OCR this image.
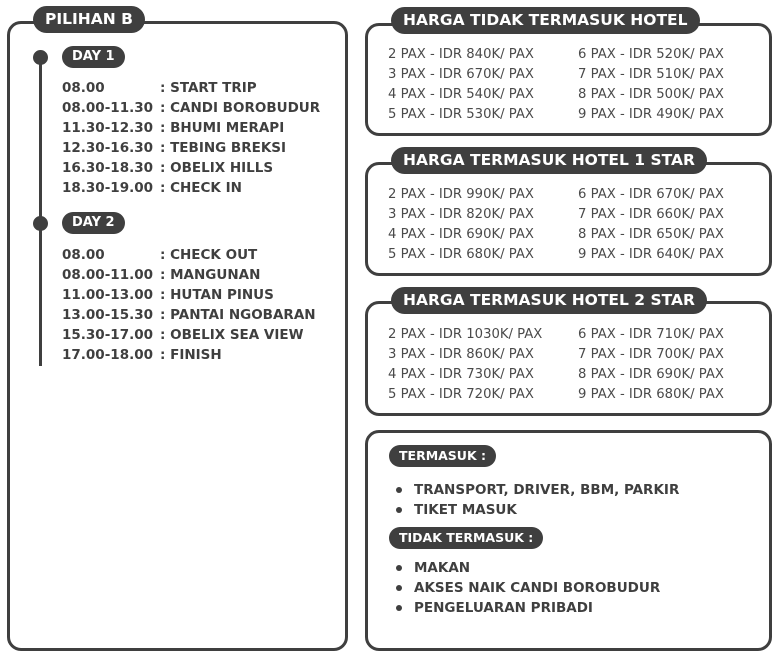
PILIHAN B
DAY 1
08.00	: START TRIP
08.00-11.30 : CANDI BOROBUDUR
11.30-12.30 : BHUMI MERAPI
12.30-16.30 : TEBING BREKSI
16.30-18.30 : OBELIX HILLS
18.30-19.00 : CHECK IN
DAY 2
08.00	: CHECK OUT
08.00-11.00 : MANGUNAN
11.00-13.00 : HUTAN PINUS
13.00-15.30 : PANTAI NGOBARAN
15.30-17.00 : OBELIX SEA VIEW
17.00-18.00 : FINISH
HARGA TIDAK TERMASUK HOTEL
2 PAX - IDR 840K/ PAX	6 PAX - IDR 520K/ PAX
3 PAX - IDR 670K/ PAX	7 PAX - IDR 510K/ PAX
4 PAX - IDR 540K/ PAX	8 PAX - IDR 500K/ PAX
5 PAX - IDR 530K/ PAX	9 PAX - IDR 490K/ PAX
HARGA TERMASUK HOTEL 1 STAR
2 PAX - IDR 990K/ PAX	6 PAX - IDR 670K/ PAX
3 PAX - IDR 820K/ PAX	7 PAX - IDR 660K/ PAX
4 PAX - IDR 690K/ PAX	8 PAX - IDR 650K/ PAX
5 PAX - IDR 680K/ PAX	9 PAX - IDR 640K/ PAX
HARGA TERMASUK HOTEL 2 STAR
2 PAX - IDR 1030K/ PAX	6 PAX - IDR 710K/ PAX
3 PAX - IDR 860K/ PAX	7 PAX - IDR 700K/ PAX
4 PAX - IDR 730K/ PAX	8 PAX - IDR 690K/ PAX
5 PAX - IDR 720K/ PAX	9 PAX - IDR 680K/ PAX
TERMASUK :
TRANSPORT, DRIVER, BBM, PARKIR
TIKET MASUK
TIDAK TERMASUK :
MAKAN
AKSES NAIK CANDI BOROBUDUR
PENGELUARAN PRIBADI
